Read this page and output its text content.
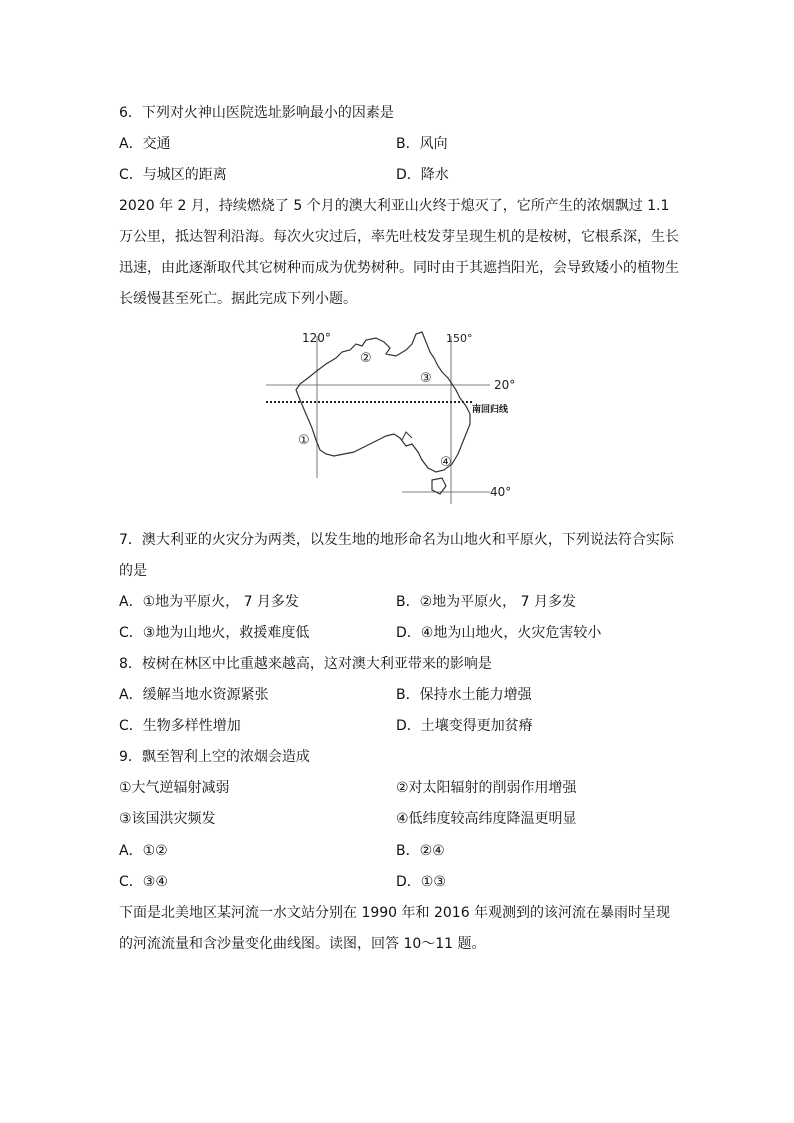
6．下列对火神山医院选址影响最小的因素是
A．交通	B．风向
C．与城区的距离	D．降水
2020 年 2 月，持续燃烧了 5 个月的澳大利亚山火终于熄灭了，它所产生的浓烟飘过 1.1 万公里，抵达智利沿海。每次火灾过后，率先吐枝发芽呈现生机的是桉树，它根系深，生长迅速，由此逐渐取代其它树种而成为优势树种。同时由于其遮挡阳光，会导致矮小的植物生长缓慢甚至死亡。据此完成下列小题。
120°	150°
20°
40°
南回归线
①
②
③
④
7．澳大利亚的火灾分为两类，以发生地的地形命名为山地火和平原火，下列说法符合实际
的是
A．①地为平原火， 7 月多发	B．②地为平原火， 7 月多发
C．③地为山地火，救援难度低	D．④地为山地火，火灾危害较小
8．桉树在林区中比重越来越高，这对澳大利亚带来的影响是
A．缓解当地水资源紧张	B．保持水土能力增强
C．生物多样性增加	D．土壤变得更加贫瘠
9．飘至智利上空的浓烟会造成
①大气逆辐射减弱	②对太阳辐射的削弱作用增强
③该国洪灾频发	④低纬度较高纬度降温更明显
A．①②	B．②④
C．③④	D．①③
下面是北美地区某河流一水文站分别在 1990 年和 2016 年观测到的该河流在暴雨时呈现的河流流量和含沙量变化曲线图。读图，回答 10～11 题。
